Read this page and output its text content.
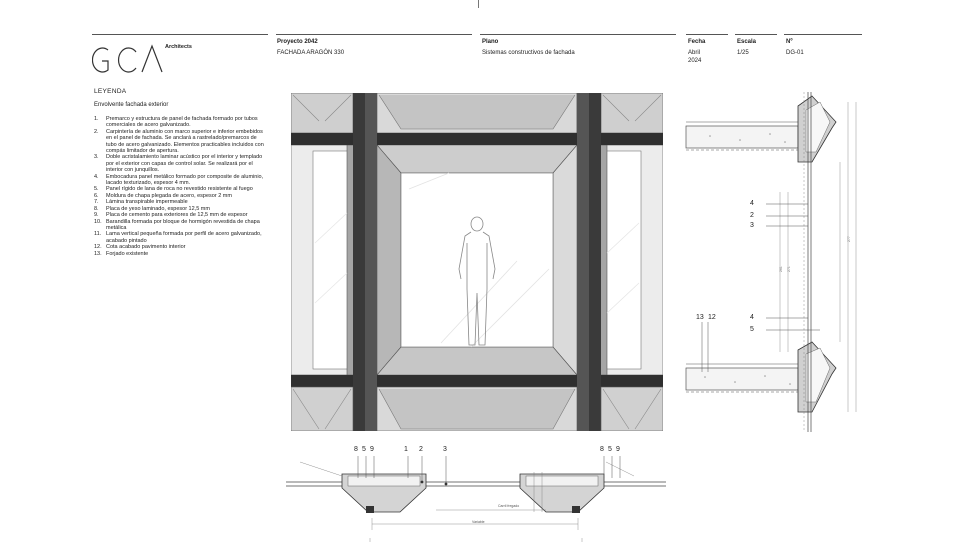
Architects
Proyecto 2042
FACHADA ARAGÓN 330
Plano
Sistemas constructivos de fachada
Fecha
Abril
2024
Escala
1/25
Nº
DG-01
LEYENDA
Envolvente fachada exterior
1.	Premarco y estructura de panel de fachada formado por tubos
comerciales de acero galvanizado.
2.	Carpintería de aluminio con marco superior e inferior embebidos
en el panel de fachada. Se anclará a rastrelado/premarcos de
tubo de acero galvanizado. Elementos practicables incluidos con
compás limitador de apertura.
3.	Doble acristalamiento laminar acústico por el interior y templado
por el exterior con capas de control solar. Se realizará por el
interior con junquillos.
4.	Embocadura panel metálico formado por composite de aluminio,
lacado texturizado, espesor 4 mm.
5.	Panel rígido de lana de roca no revestido resistente al fuego
6.	Moldura de chapa plegada de acero, espesor 2 mm
7.	Lámina transpirable impermeable
8.	Placa de yeso laminado, espesor 12,5 mm
9.	Placa de cemento para exteriores de 12,5 mm de espesor
10. Barandilla formada por bloque de hormigón revestida de chapa
metálica
11. Lama vertical pequeña formada por perfil de acero galvanizado,
acabado pintado
12. Cota acabado pavimento interior
13. Forjado existente
277
261 271
4
2
3
13 12	4
5
8 5 9	1 2	3	8 5 9
Carril fregado
Variable
